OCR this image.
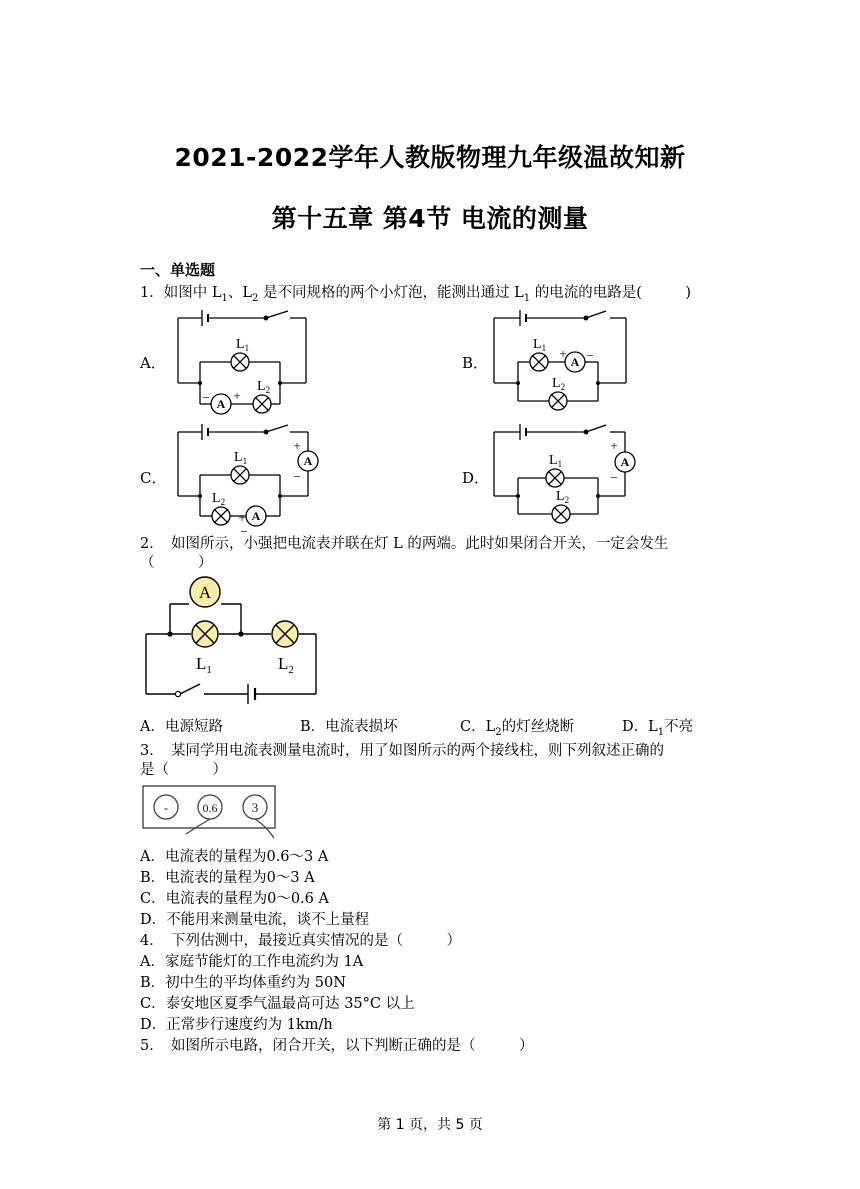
2021-2022学年人教版物理九年级温故知新
第十五章 第4节 电流的测量
一、单选题
1．如图中 $L_1$、$L_2$ 是不同规格的两个小灯泡，能测出通过 $L_1$ 的电流的电路是(　　　)
A．	B．
C．	D．
A
A
A
A
A
− +
+ −
+
−
+
−
+
−
$L_1$
$L_2$
$L_1$
$L_2$
$L_1$
$L_2$
$L_1$
$L_2$
2．　如图所示，小强把电流表并联在灯 L 的两端。此时如果闭合开关，一定会发生
（　　　）
A
$L_1$	$L_2$
A．电源短路	B．电流表损坏	C．$L_2$的灯丝烧断	D．$L_1$不亮
3．　某同学用电流表测量电流时，用了如图所示的两个接线柱，则下列叙述正确的
是（　　　）
-	0.6	3
A．电流表的量程为0.6～3 A
B．电流表的量程为0～3 A
C．电流表的量程为0～0.6 A
D．不能用来测量电流，谈不上量程
4．　下列估测中，最接近真实情况的是（　　　）
A．家庭节能灯的工作电流约为 1A
B．初中生的平均体重约为 50N
C．泰安地区夏季气温最高可达 35°C 以上
D．正常步行速度约为 1km/h
5．　如图所示电路，闭合开关，以下判断正确的是（　　　）
第 1 页，共 5 页
